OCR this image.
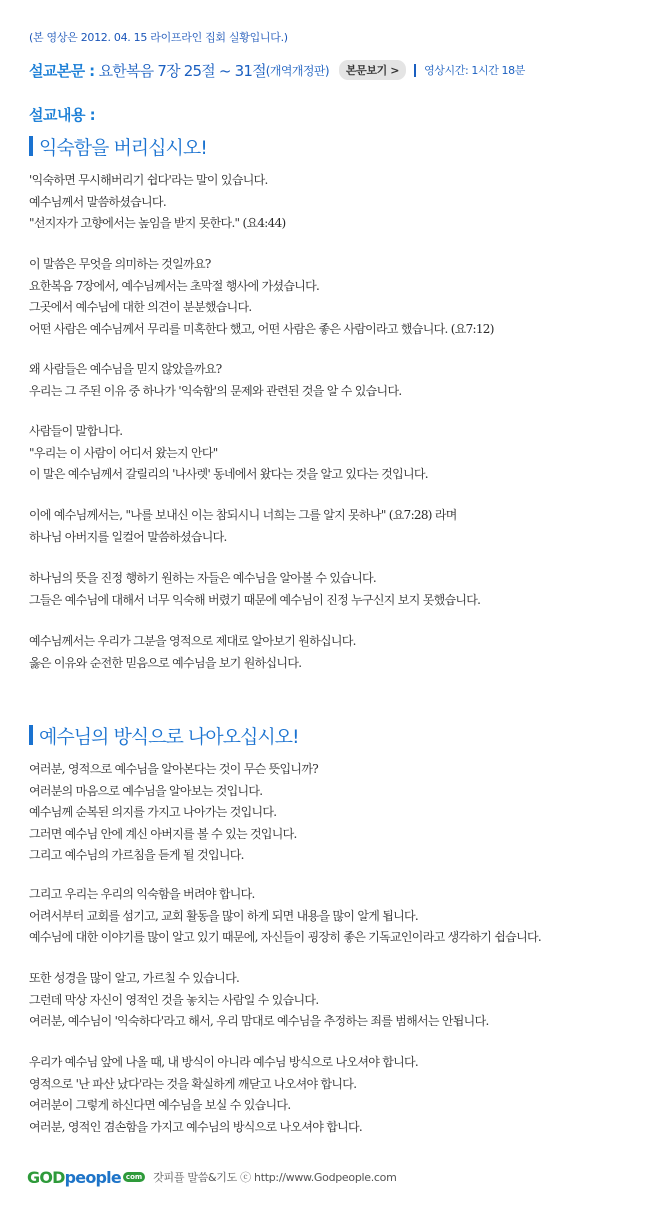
(본 영상은 2012. 04. 15 라이프라인 집회 실황입니다.)
설교본문 : 요한복음 7장 25절 ~ 31절 (개역개정판)	본문보기 >	영상시간: 1시간 18분
설교내용 :
익숙함을 버리십시오!
'익숙하면 무시해버리기 쉽다'라는 말이 있습니다.
예수님께서 말씀하셨습니다.
"선지자가 고향에서는 높임을 받지 못한다." (요4:44)
이 말씀은 무엇을 의미하는 것일까요?
요한복음 7장에서, 예수님께서는 초막절 행사에 가셨습니다.
그곳에서 예수님에 대한 의견이 분분했습니다.
어떤 사람은 예수님께서 무리를 미혹한다 했고, 어떤 사람은 좋은 사람이라고 했습니다. (요7:12)
왜 사람들은 예수님을 믿지 않았을까요?
우리는 그 주된 이유 중 하나가 '익숙함'의 문제와 관련된 것을 알 수 있습니다.
사람들이 말합니다.
"우리는 이 사람이 어디서 왔는지 안다"
이 말은 예수님께서 갈릴리의 '나사렛' 동네에서 왔다는 것을 알고 있다는 것입니다.
이에 예수님께서는, "나를 보내신 이는 참되시니 너희는 그를 알지 못하나" (요7:28) 라며
하나님 아버지를 일컬어 말씀하셨습니다.
하나님의 뜻을 진정 행하기 원하는 자들은 예수님을 알아볼 수 있습니다.
그들은 예수님에 대해서 너무 익숙해 버렸기 때문에 예수님이 진정 누구신지 보지 못했습니다.
예수님께서는 우리가 그분을 영적으로 제대로 알아보기 원하십니다.
옳은 이유와 순전한 믿음으로 예수님을 보기 원하십니다.
예수님의 방식으로 나아오십시오!
여러분, 영적으로 예수님을 알아본다는 것이 무슨 뜻입니까?
여러분의 마음으로 예수님을 알아보는 것입니다.
예수님께 순복된 의지를 가지고 나아가는 것입니다.
그러면 예수님 안에 계신 아버지를 볼 수 있는 것입니다.
그리고 예수님의 가르침을 듣게 될 것입니다.
그리고 우리는 우리의 익숙함을 버려야 합니다.
어려서부터 교회를 섬기고, 교회 활동을 많이 하게 되면 내용을 많이 알게 됩니다.
예수님에 대한 이야기를 많이 알고 있기 때문에, 자신들이 굉장히 좋은 기독교인이라고 생각하기 쉽습니다.
또한 성경을 많이 알고, 가르칠 수 있습니다.
그런데 막상 자신이 영적인 것을 놓치는 사람일 수 있습니다.
여러분, 예수님이 '익숙하다'라고 해서, 우리 맘대로 예수님을 추정하는 죄를 범해서는 안됩니다.
우리가 예수님 앞에 나올 때, 내 방식이 아니라 예수님 방식으로 나오셔야 합니다.
영적으로 '난 파산 났다'라는 것을 확실하게 깨닫고 나오셔야 합니다.
여러분이 그렇게 하신다면 예수님을 보실 수 있습니다.
여러분, 영적인 겸손함을 가지고 예수님의 방식으로 나오셔야 합니다.
GOD people com 갓피플 말씀&기도 ⓒ http://www.Godpeople.com
